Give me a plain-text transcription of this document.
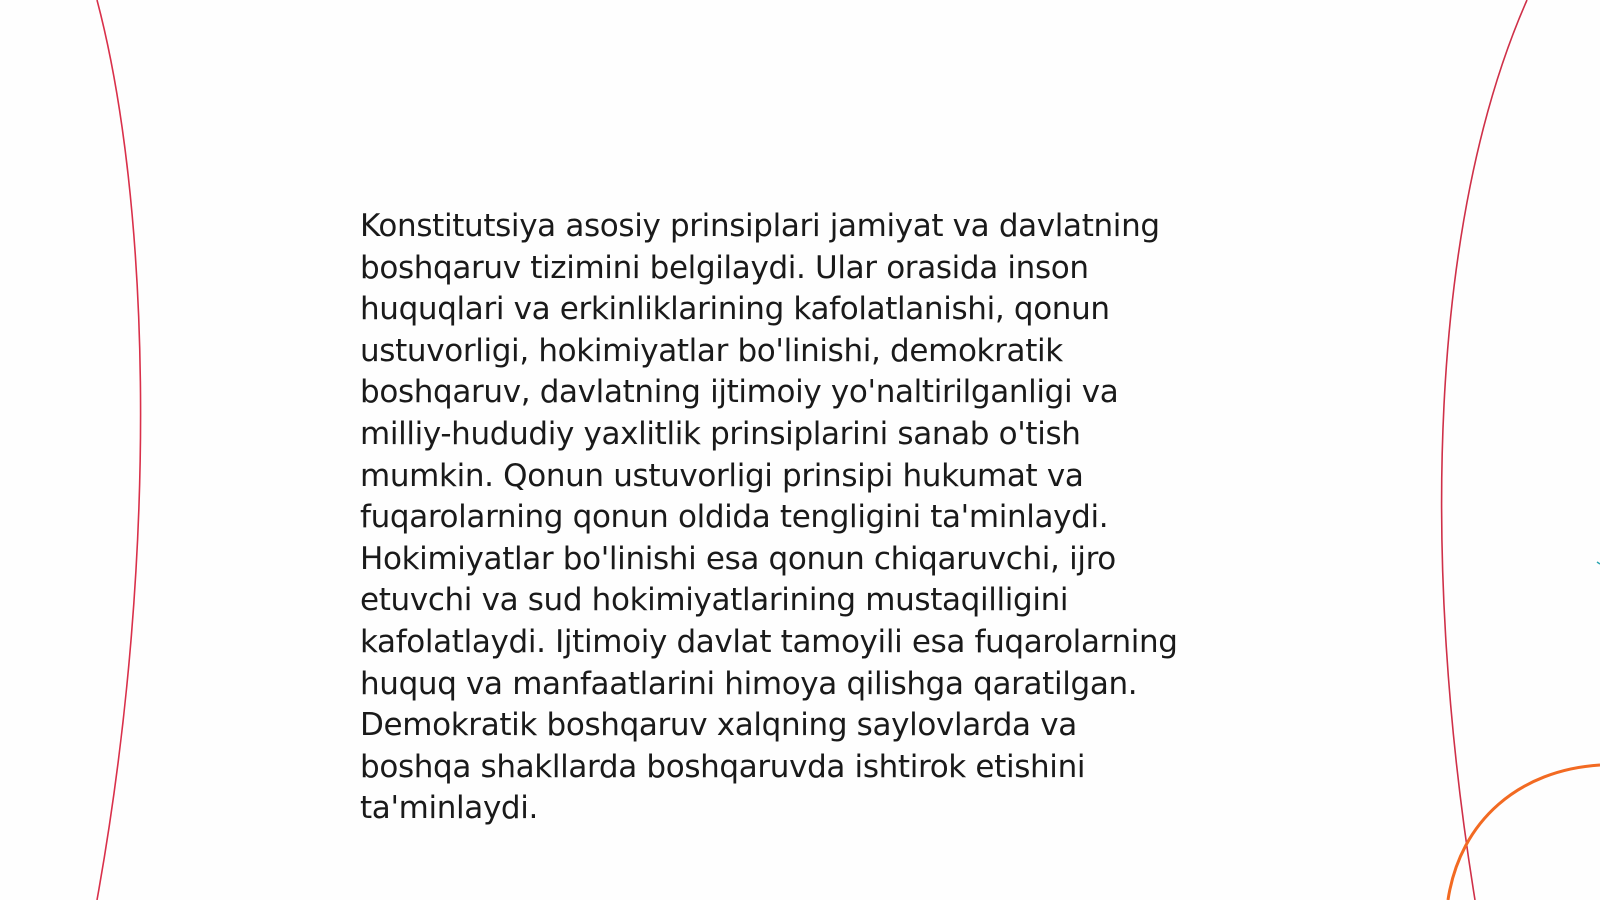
Konstitutsiya asosiy prinsiplari jamiyat va davlatning
boshqaruv tizimini belgilaydi. Ular orasida inson
huquqlari va erkinliklarining kafolatlanishi, qonun
ustuvorligi, hokimiyatlar bo'linishi, demokratik
boshqaruv, davlatning ijtimoiy yo'naltirilganligi va
milliy-hududiy yaxlitlik prinsiplarini sanab o'tish
mumkin. Qonun ustuvorligi prinsipi hukumat va
fuqarolarning qonun oldida tengligini ta'minlaydi.
Hokimiyatlar bo'linishi esa qonun chiqaruvchi, ijro
etuvchi va sud hokimiyatlarining mustaqilligini
kafolatlaydi. Ijtimoiy davlat tamoyili esa fuqarolarning
huquq va manfaatlarini himoya qilishga qaratilgan.
Demokratik boshqaruv xalqning saylovlarda va
boshqa shakllarda boshqaruvda ishtirok etishini
ta'minlaydi.
